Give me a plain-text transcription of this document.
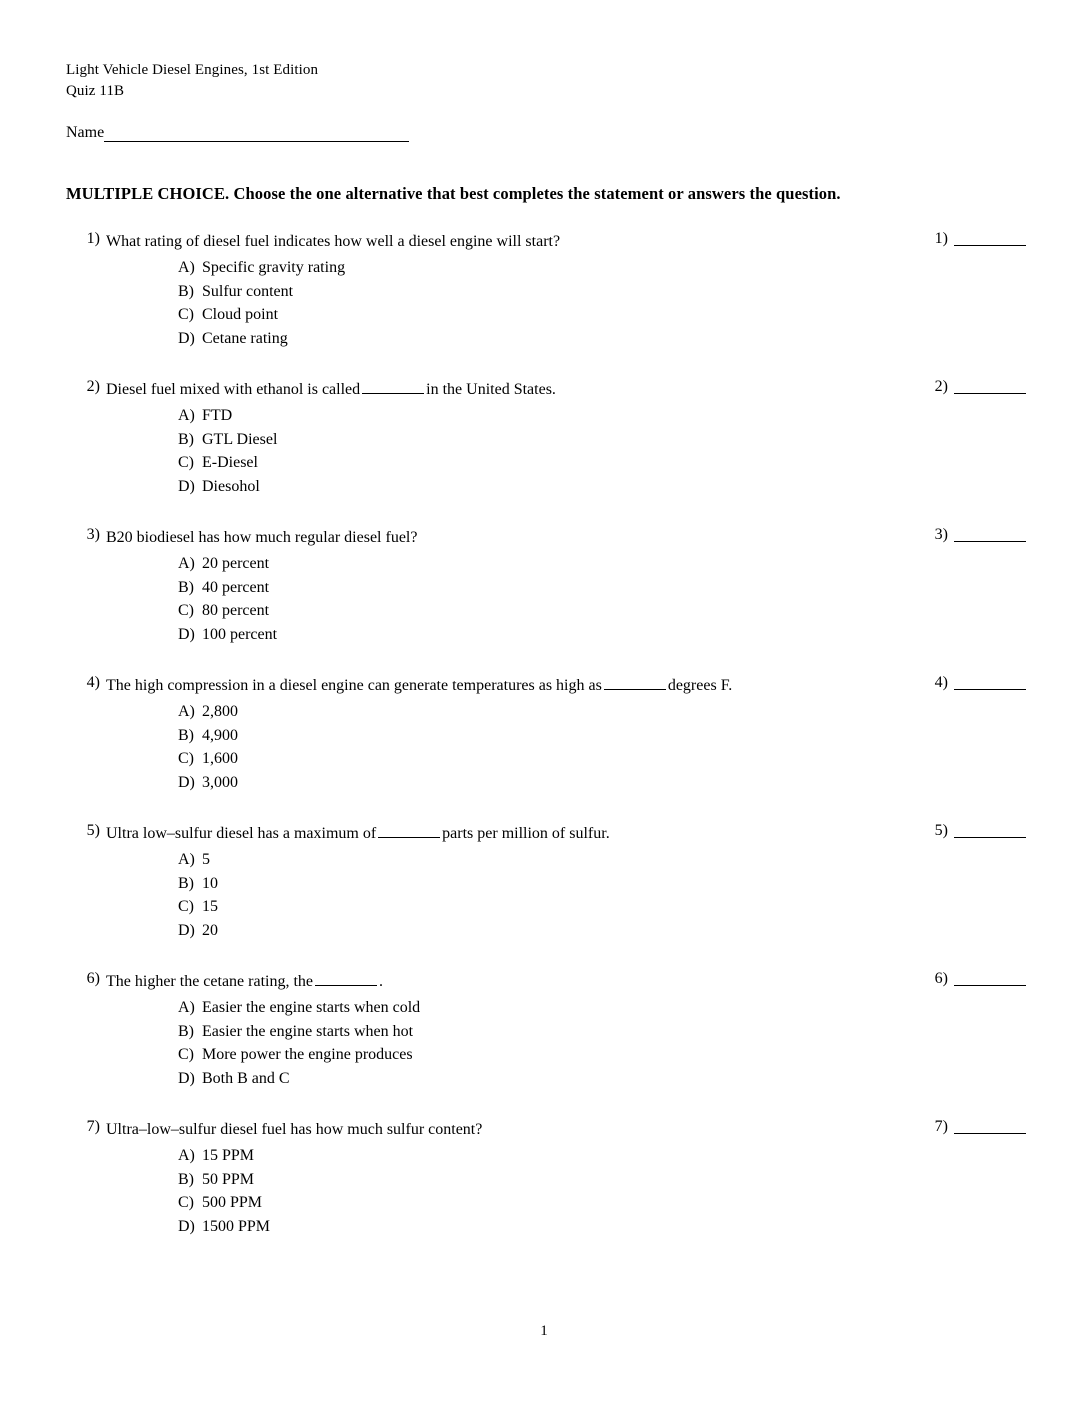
Light Vehicle Diesel Engines, 1st Edition
Quiz 11B
Name
MULTIPLE CHOICE. Choose the one alternative that best completes the statement or answers the question.
1) What rating of diesel fuel indicates how well a diesel engine will start?
A) Specific gravity rating
B) Sulfur content
C) Cloud point
D) Cetane rating
1)
2) Diesel fuel mixed with ethanol is called	in the United States.
A) FTD
B) GTL Diesel
C) E-Diesel
D) Diesohol
2)
3) B20 biodiesel has how much regular diesel fuel?
A) 20 percent
B) 40 percent
C) 80 percent
D) 100 percent
3)
4) The high compression in a diesel engine can generate temperatures as high as	degrees F.
A) 2,800
B) 4,900
C) 1,600
D) 3,000
4)
5) Ultra low–sulfur diesel has a maximum of	parts per million of sulfur.
A) 5
B) 10
C) 15
D) 20
5)
6) The higher the cetane rating, the	.
A) Easier the engine starts when cold
B) Easier the engine starts when hot
C) More power the engine produces
D) Both B and C
6)
7) Ultra–low–sulfur diesel fuel has how much sulfur content?
A) 15 PPM
B) 50 PPM
C) 500 PPM
D) 1500 PPM
7)
1
